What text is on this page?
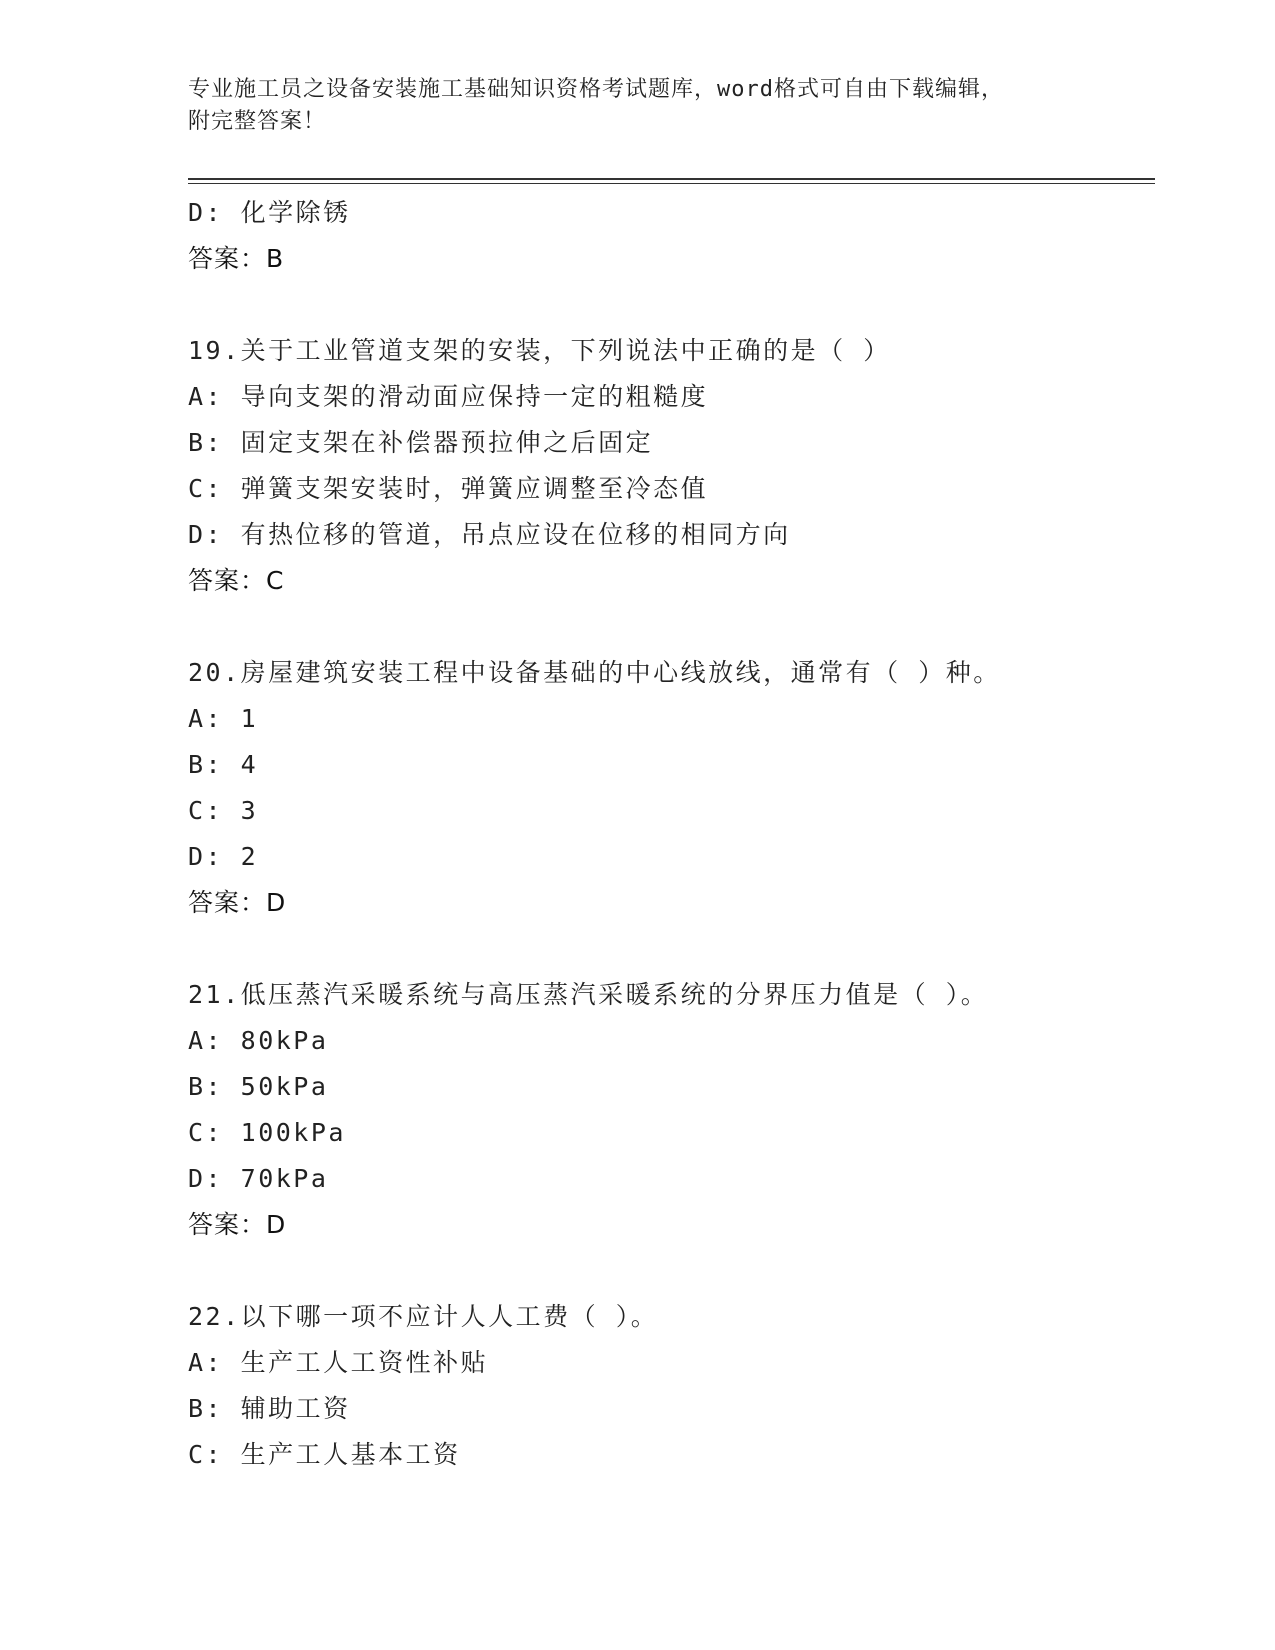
专业施工员之设备安装施工基础知识资格考试题库，word格式可自由下载编辑，
附完整答案！
D: 化学除锈
答案：B
19.关于工业管道支架的安装，下列说法中正确的是（ ）
A: 导向支架的滑动面应保持一定的粗糙度
B: 固定支架在补偿器预拉伸之后固定
C: 弹簧支架安装时，弹簧应调整至冷态值
D: 有热位移的管道，吊点应设在位移的相同方向
答案：C
20.房屋建筑安装工程中设备基础的中心线放线，通常有（ ）种。
A: 1
B: 4
C: 3
D: 2
答案：D
21.低压蒸汽采暖系统与高压蒸汽采暖系统的分界压力值是（ ）。
A: 80kPa
B: 50kPa
C: 100kPa
D: 70kPa
答案：D
22.以下哪一项不应计人人工费（ ）。
A: 生产工人工资性补贴
B: 辅助工资
C: 生产工人基本工资
